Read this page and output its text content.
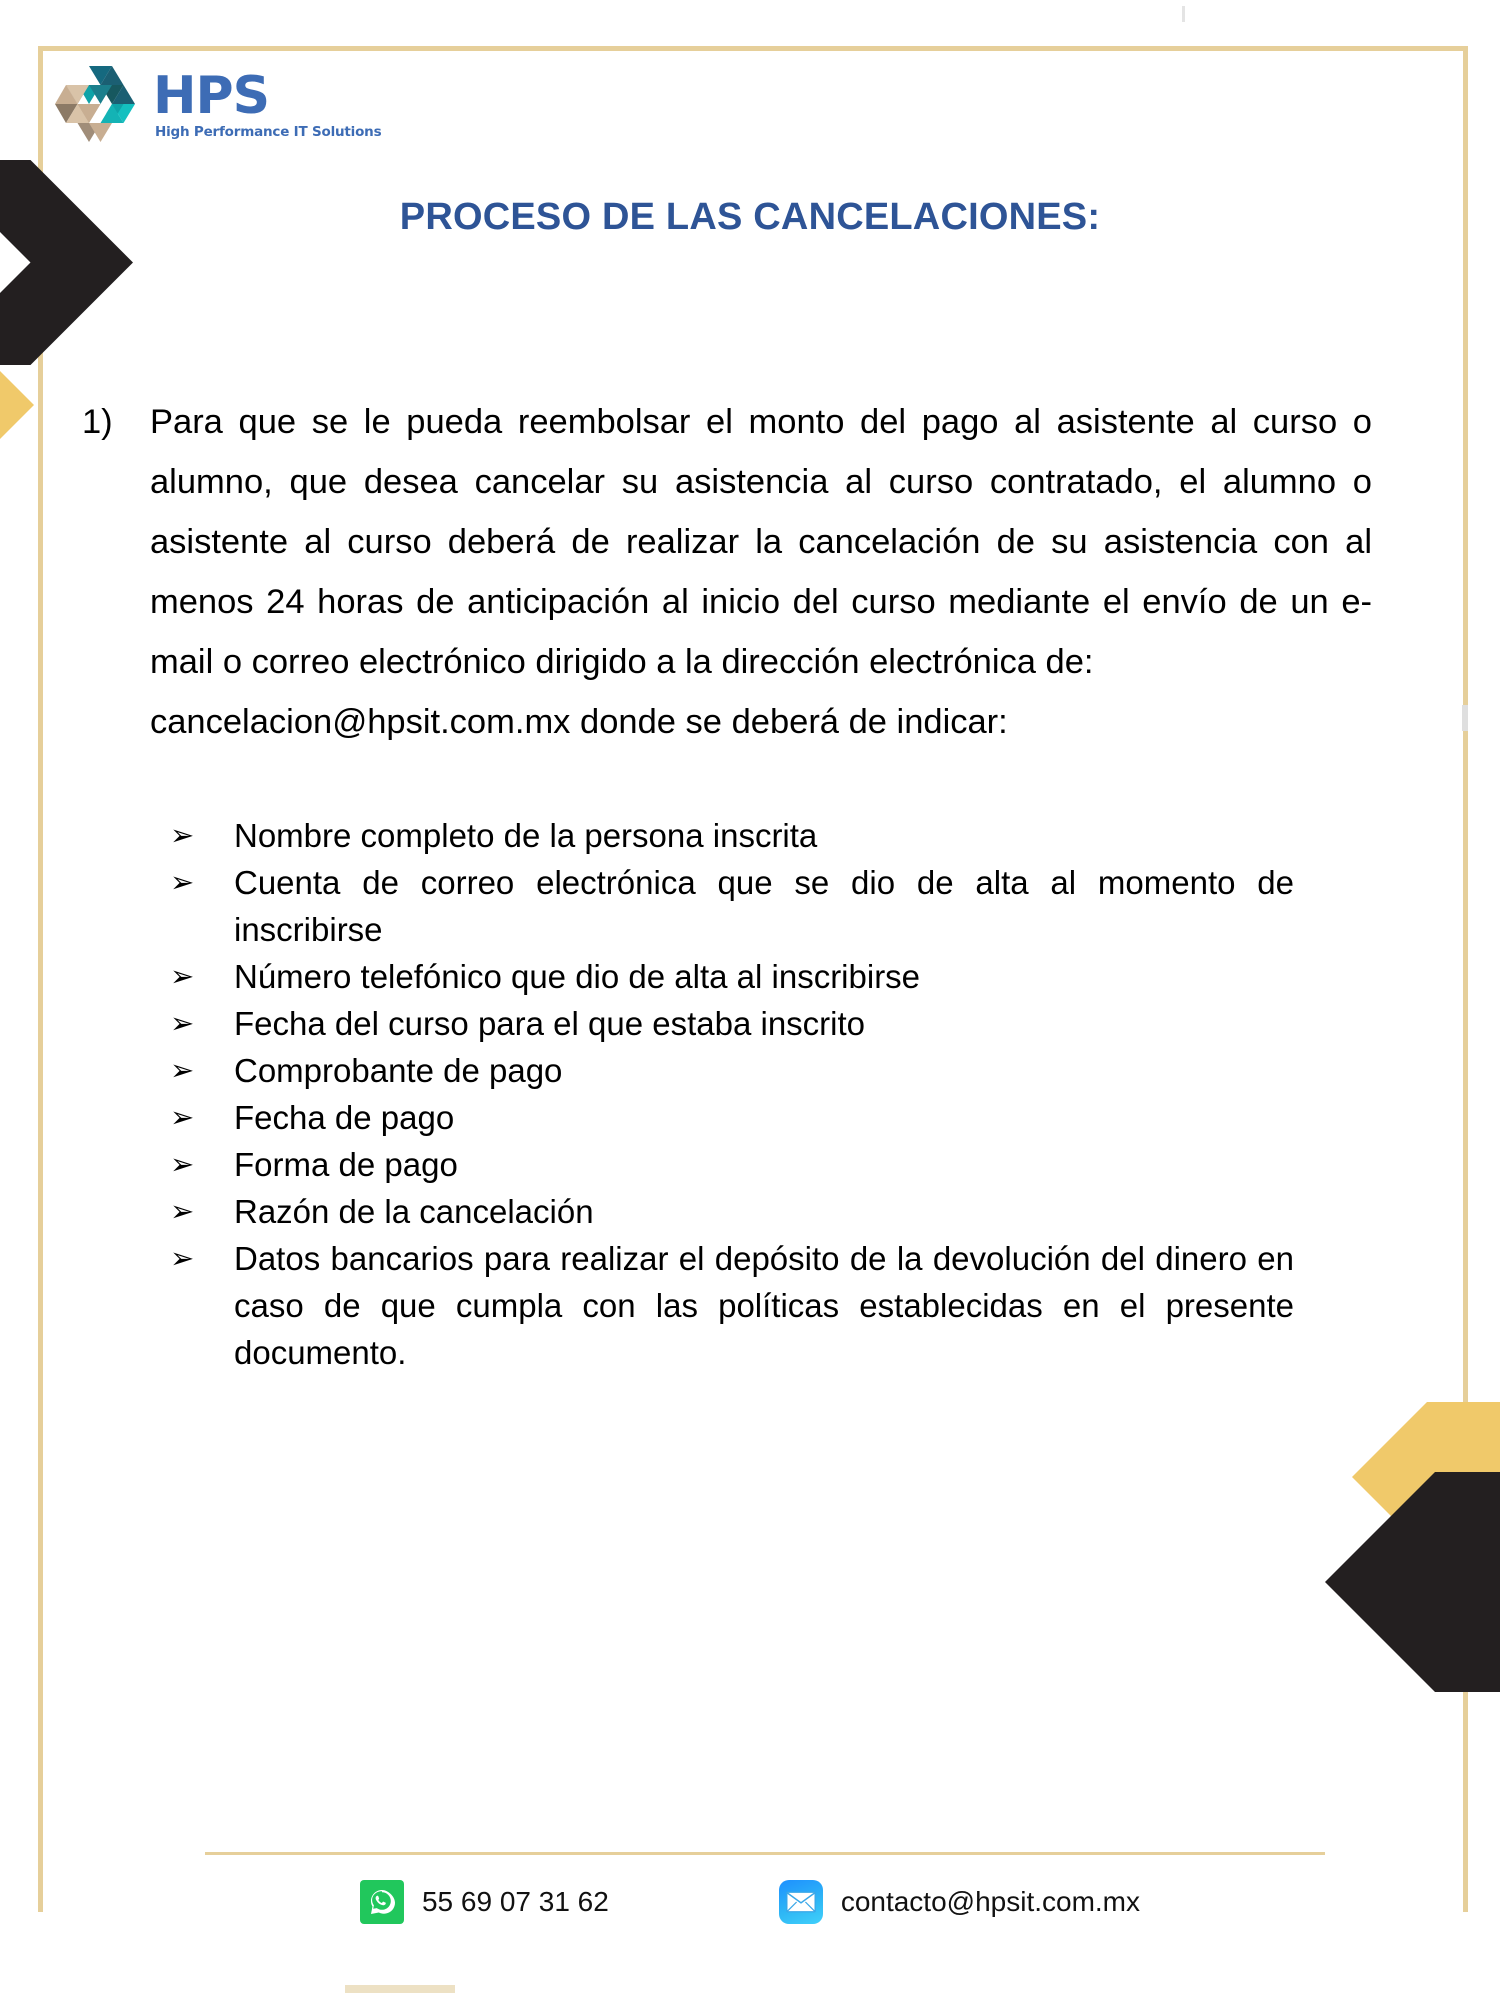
HPS
High Performance IT Solutions
PROCESO DE LAS CANCELACIONES:
1)	Para que se le pueda reembolsar el monto del pago al asistente al curso o alumno, que desea cancelar su asistencia al curso contratado, el alumno o asistente al curso deberá de realizar la cancelación de su asistencia con al menos 24 horas de anticipación al inicio del curso mediante el envío de un e-mail o correo electrónico dirigido a la dirección electrónica de:
cancelacion@hpsit.com.mx donde se deberá de indicar:
➢	Nombre completo de la persona inscrita
➢	Cuenta de correo electrónica que se dio de alta al momento de inscribirse
➢	Número telefónico que dio de alta al inscribirse
➢	Fecha del curso para el que estaba inscrito
➢	Comprobante de pago
➢	Fecha de pago
➢	Forma de pago
➢	Razón de la cancelación
➢	Datos bancarios para realizar el depósito de la devolución del dinero en caso de que cumpla con las políticas establecidas en el presente documento.
55 69 07 31 62	contacto@hpsit.com.mx
